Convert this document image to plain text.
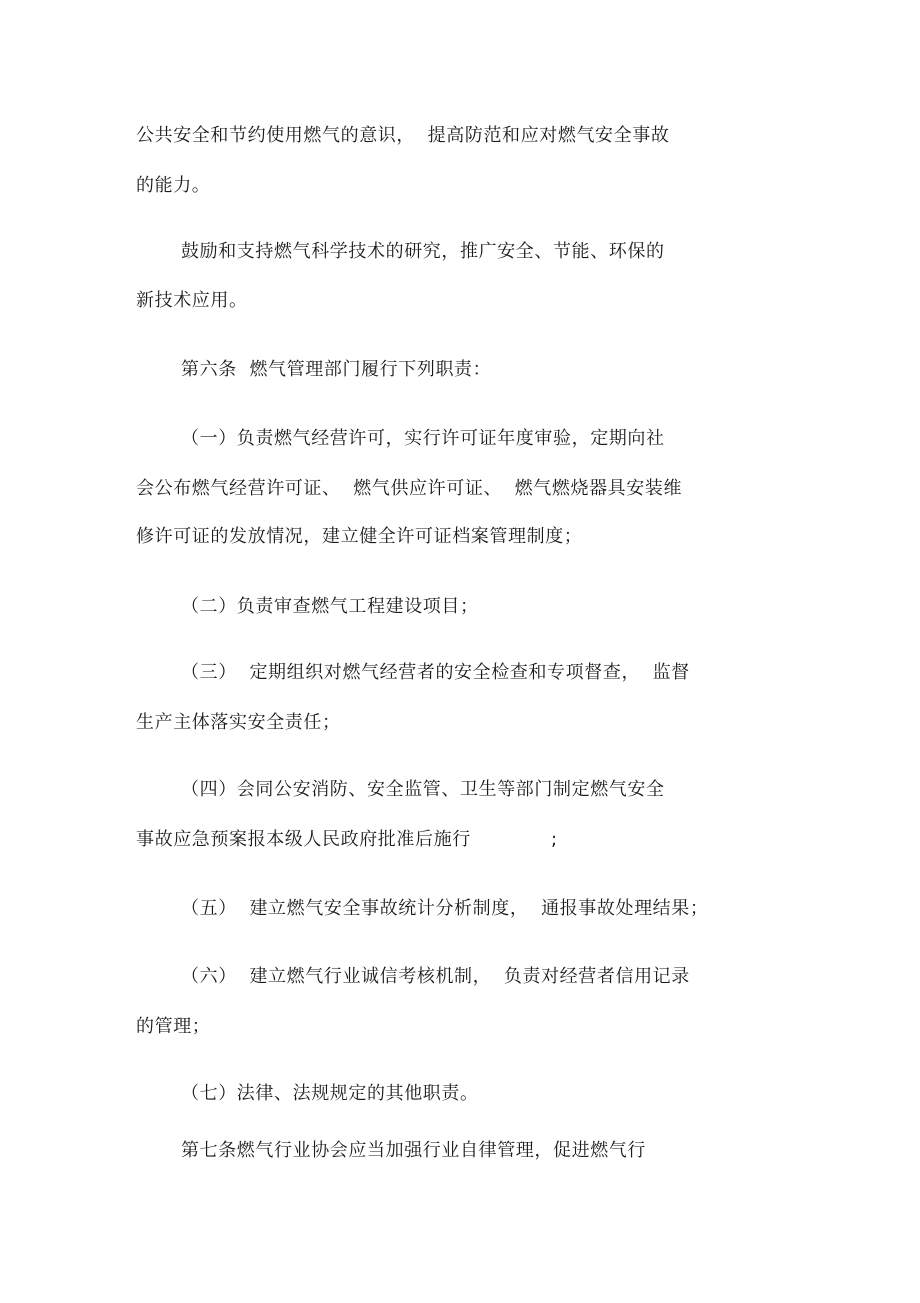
公共安全和节约使用燃气的意识，  提高防范和应对燃气安全事故
的能力。
鼓励和支持燃气科学技术的研究，推广安全、节能、环保的
新技术应用。
第六条  燃气管理部门履行下列职责：
（一）负责燃气经营许可，实行许可证年度审验，定期向社
会公布燃气经营许可证、  燃气供应许可证、  燃气燃烧器具安装维
修许可证的发放情况，建立健全许可证档案管理制度；
（二）负责审查燃气工程建设项目；
（三）  定期组织对燃气经营者的安全检查和专项督查，  监督
生产主体落实安全责任；
（四）会同公安消防、安全监管、卫生等部门制定燃气安全
事故应急预案报本级人民政府批准后施行	;
（五）  建立燃气安全事故统计分析制度，  通报事故处理结果；
（六）  建立燃气行业诚信考核机制，  负责对经营者信用记录
的管理；
（七）法律、法规规定的其他职责。
第七条燃气行业协会应当加强行业自律管理，促进燃气行
